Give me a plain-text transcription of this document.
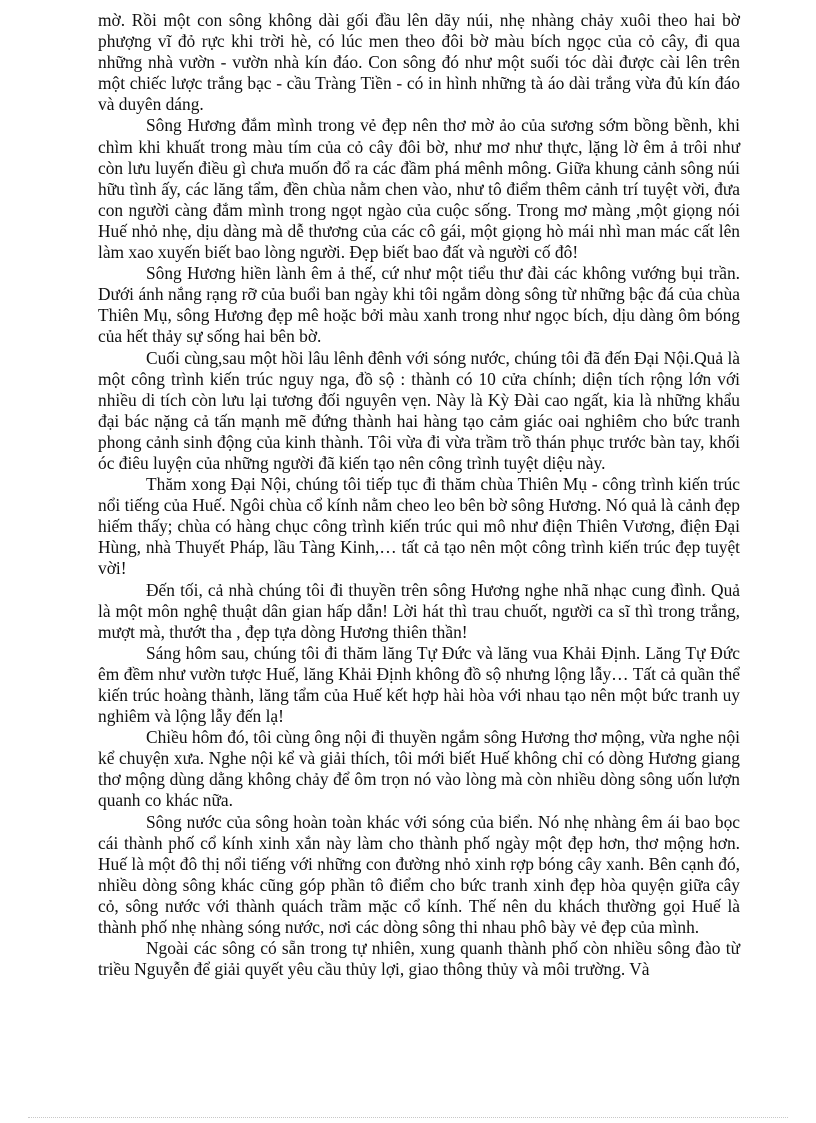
mờ. Rồi một con sông không dài gối đầu lên dãy núi, nhẹ nhàng chảy xuôi theo hai bờ phượng vĩ đỏ rực khi trời hè, có lúc men theo đôi bờ màu bích ngọc của cỏ cây, đi qua những nhà vườn - vườn nhà kín đáo. Con sông đó như một suối tóc dài được cài lên trên một chiếc lược trắng bạc - cầu Tràng Tiền - có in hình những tà áo dài trắng vừa đủ kín đáo và duyên dáng.

Sông Hương đắm mình trong vẻ đẹp nên thơ mờ ảo của sương sớm bồng bềnh, khi chìm khi khuất trong màu tím của cỏ cây đôi bờ, như mơ như thực, lặng lờ êm ả trôi như còn lưu luyến điều gì chưa muốn đổ ra các đầm phá mênh mông. Giữa khung cảnh sông núi hữu tình ấy, các lăng tẩm, đền chùa nằm chen vào, như tô điểm thêm cảnh trí tuyệt vời, đưa con người càng đắm mình trong ngọt ngào của cuộc sống. Trong mơ màng ,một giọng nói Huế nhỏ nhẹ, dịu dàng mà dễ thương của các cô gái, một giọng hò mái nhì man mác cất lên làm xao xuyến biết bao lòng người. Đẹp biết bao đất và người cố đô!

Sông Hương hiền lành êm ả thế, cứ như một tiểu thư đài các không vướng bụi trần. Dưới ánh nắng rạng rỡ của buổi ban ngày khi tôi ngắm dòng sông từ những bậc đá của chùa Thiên Mụ, sông Hương đẹp mê hoặc bởi màu xanh trong như ngọc bích, dịu dàng ôm bóng của hết thảy sự sống hai bên bờ.

Cuối cùng,sau một hồi lâu lênh đênh với sóng nước, chúng tôi đã đến Đại Nội.Quả là một công trình kiến trúc nguy nga, đồ sộ : thành có 10 cửa chính; diện tích rộng lớn với nhiều di tích còn lưu lại tương đối nguyên vẹn. Này là Kỳ Đài cao ngất, kia là những khẩu đại bác nặng cả tấn mạnh mẽ đứng thành hai hàng tạo cảm giác oai nghiêm cho bức tranh phong cảnh sinh động của kinh thành. Tôi vừa đi vừa trầm trồ thán phục trước bàn tay, khối óc điêu luyện của những người đã kiến tạo nên công trình tuyệt diệu này.

Thăm xong Đại Nội, chúng tôi tiếp tục đi thăm chùa Thiên Mụ - công trình kiến trúc nổi tiếng của Huế. Ngôi chùa cổ kính nằm cheo leo bên bờ sông Hương. Nó quả là cảnh đẹp hiếm thấy; chùa có hàng chục công trình kiến trúc qui mô như điện Thiên Vương, điện Đại Hùng, nhà Thuyết Pháp, lầu Tàng Kinh,… tất cả tạo nên một công trình kiến trúc đẹp tuyệt vời!

Đến tối, cả nhà chúng tôi đi thuyền trên sông Hương nghe nhã nhạc cung đình. Quả là một môn nghệ thuật dân gian hấp dẫn! Lời hát thì trau chuốt, người ca sĩ thì trong trắng, mượt mà, thướt tha , đẹp tựa dòng Hương thiên thần!

Sáng hôm sau, chúng tôi đi thăm lăng Tự Đức và lăng vua Khải Định. Lăng Tự Đức êm đềm như vườn tược Huế, lăng Khải Định không đồ sộ nhưng lộng lẫy… Tất cả quần thể kiến trúc hoàng thành, lăng tẩm của Huế kết hợp hài hòa với nhau tạo nên một bức tranh uy nghiêm và lộng lẫy đến lạ!

Chiều hôm đó, tôi cùng ông nội đi thuyền ngắm sông Hương thơ mộng, vừa nghe nội kể chuyện xưa. Nghe nội kể và giải thích, tôi mới biết Huế không chỉ có dòng Hương giang thơ mộng dùng dằng không chảy để ôm trọn nó vào lòng mà còn nhiều dòng sông uốn lượn quanh co khác nữa.

Sông nước của sông hoàn toàn khác với sóng của biển. Nó nhẹ nhàng êm ái bao bọc cái thành phố cổ kính xinh xắn này làm cho thành phố ngày một đẹp hơn, thơ mộng hơn. Huế là một đô thị nổi tiếng với những con đường nhỏ xinh rợp bóng cây xanh. Bên cạnh đó, nhiều dòng sông khác cũng góp phần tô điểm cho bức tranh xinh đẹp hòa quyện giữa cây cỏ, sông nước với thành quách trầm mặc cổ kính. Thế nên du khách thường gọi Huế là thành phố nhẹ nhàng sóng nước, nơi các dòng sông thi nhau phô bày vẻ đẹp của mình.

Ngoài các sông có sẵn trong tự nhiên, xung quanh thành phố còn nhiều sông đào từ triều Nguyễn để giải quyết yêu cầu thủy lợi, giao thông thủy và môi trường. Và
